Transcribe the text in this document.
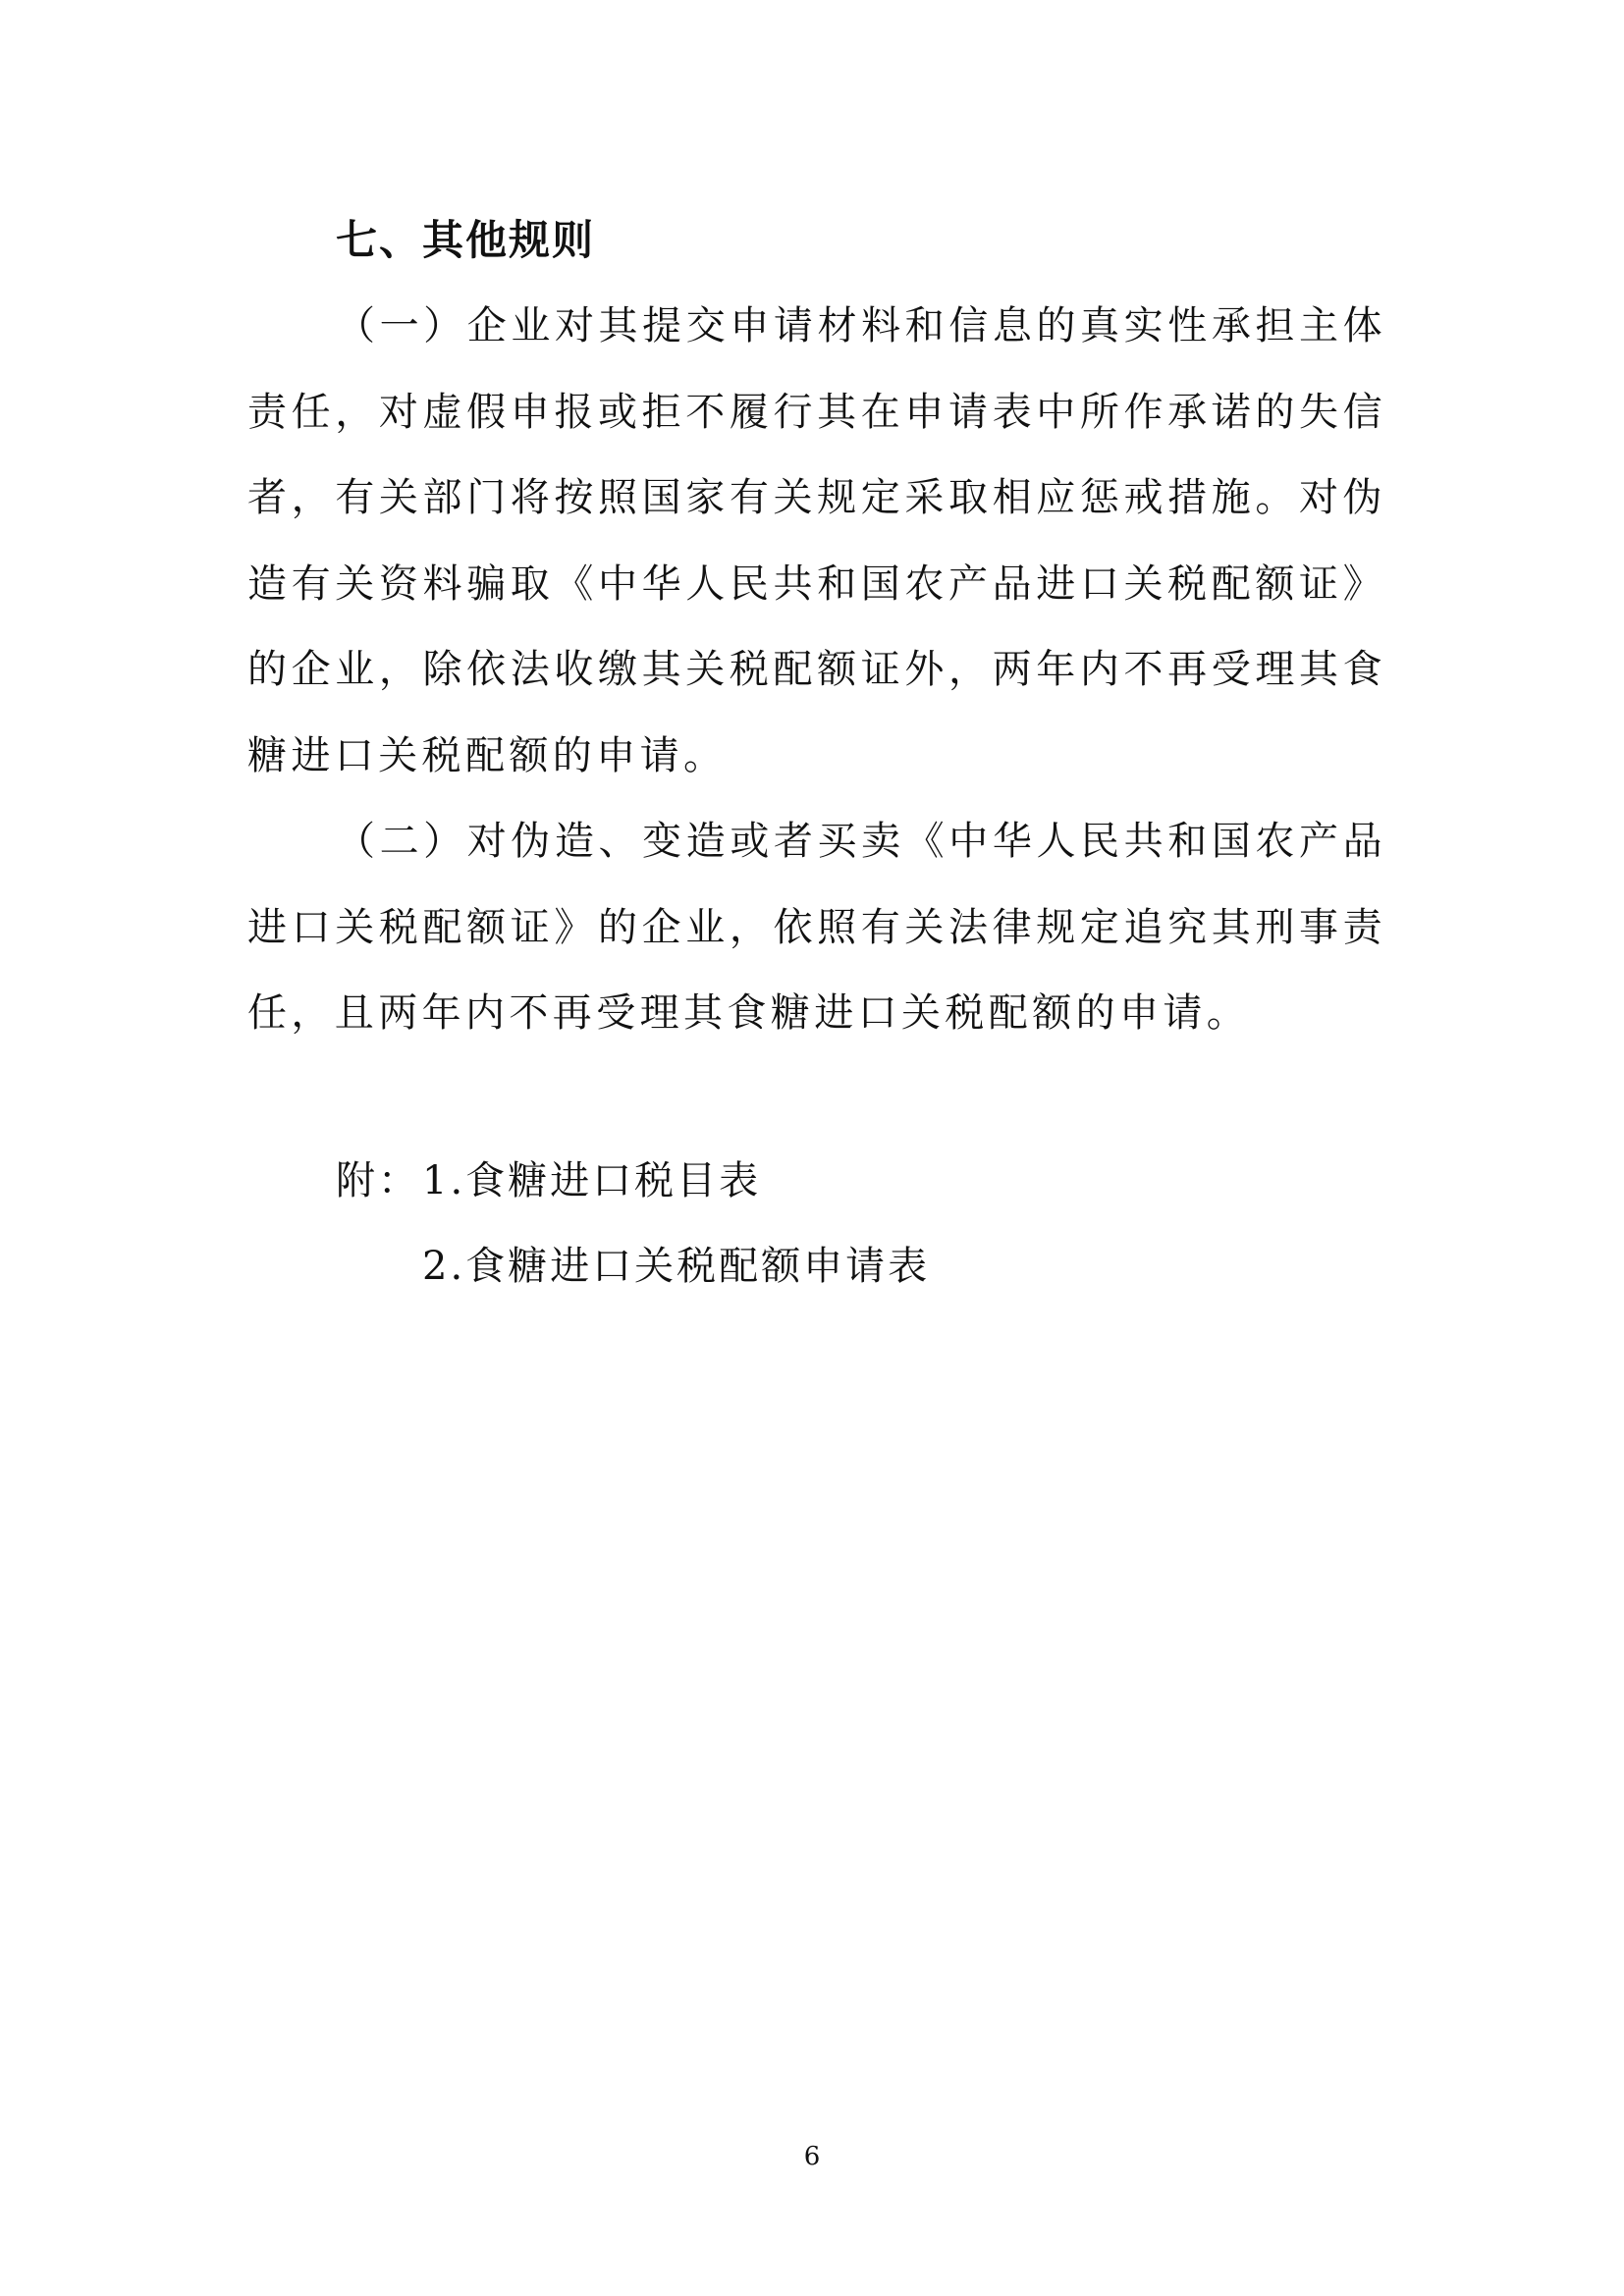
七、其他规则

（一）企业对其提交申请材料和信息的真实性承担主体责任，对虚假申报或拒不履行其在申请表中所作承诺的失信者，有关部门将按照国家有关规定采取相应惩戒措施。对伪造有关资料骗取《中华人民共和国农产品进口关税配额证》的企业，除依法收缴其关税配额证外，两年内不再受理其食糖进口关税配额的申请。

（二）对伪造、变造或者买卖《中华人民共和国农产品进口关税配额证》的企业，依照有关法律规定追究其刑事责任，且两年内不再受理其食糖进口关税配额的申请。

附： 1.食糖进口税目表
2.食糖进口关税配额申请表
6
